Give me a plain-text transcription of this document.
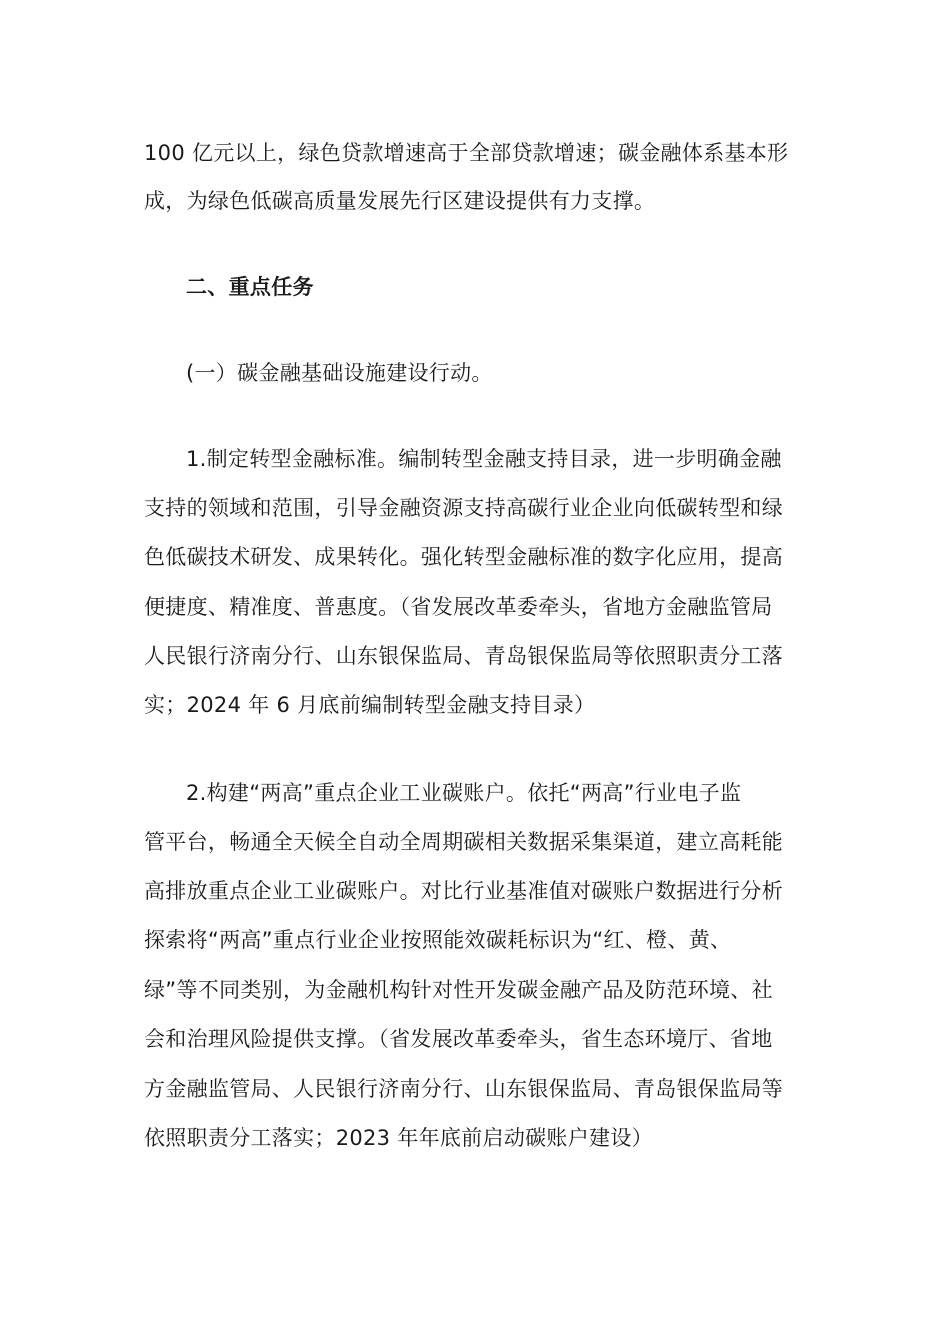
100 亿元以上，绿色贷款增速高于全部贷款增速；碳金融体系基本形
成，为绿色低碳高质量发展先行区建设提供有力支撑。
二、重点任务
(一）碳金融基础设施建设行动。
1.制定转型金融标准。编制转型金融支持目录，进一步明确金融
支持的领域和范围，引导金融资源支持高碳行业企业向低碳转型和绿
色低碳技术研发、成果转化。强化转型金融标准的数字化应用，提高
便捷度、精准度、普惠度。（省发展改革委牵头，省地方金融监管局
人民银行济南分行、山东银保监局、青岛银保监局等依照职责分工落
实；2024 年 6 月底前编制转型金融支持目录）
2.构建“两高”重点企业工业碳账户。依托“两高”行业电子监
管平台，畅通全天候全自动全周期碳相关数据采集渠道，建立高耗能
高排放重点企业工业碳账户。对比行业基准值对碳账户数据进行分析
探索将“两高”重点行业企业按照能效碳耗标识为“红、橙、黄、
绿”等不同类别，为金融机构针对性开发碳金融产品及防范环境、社
会和治理风险提供支撑。（省发展改革委牵头，省生态环境厅、省地
方金融监管局、人民银行济南分行、山东银保监局、青岛银保监局等
依照职责分工落实；2023 年年底前启动碳账户建设）
